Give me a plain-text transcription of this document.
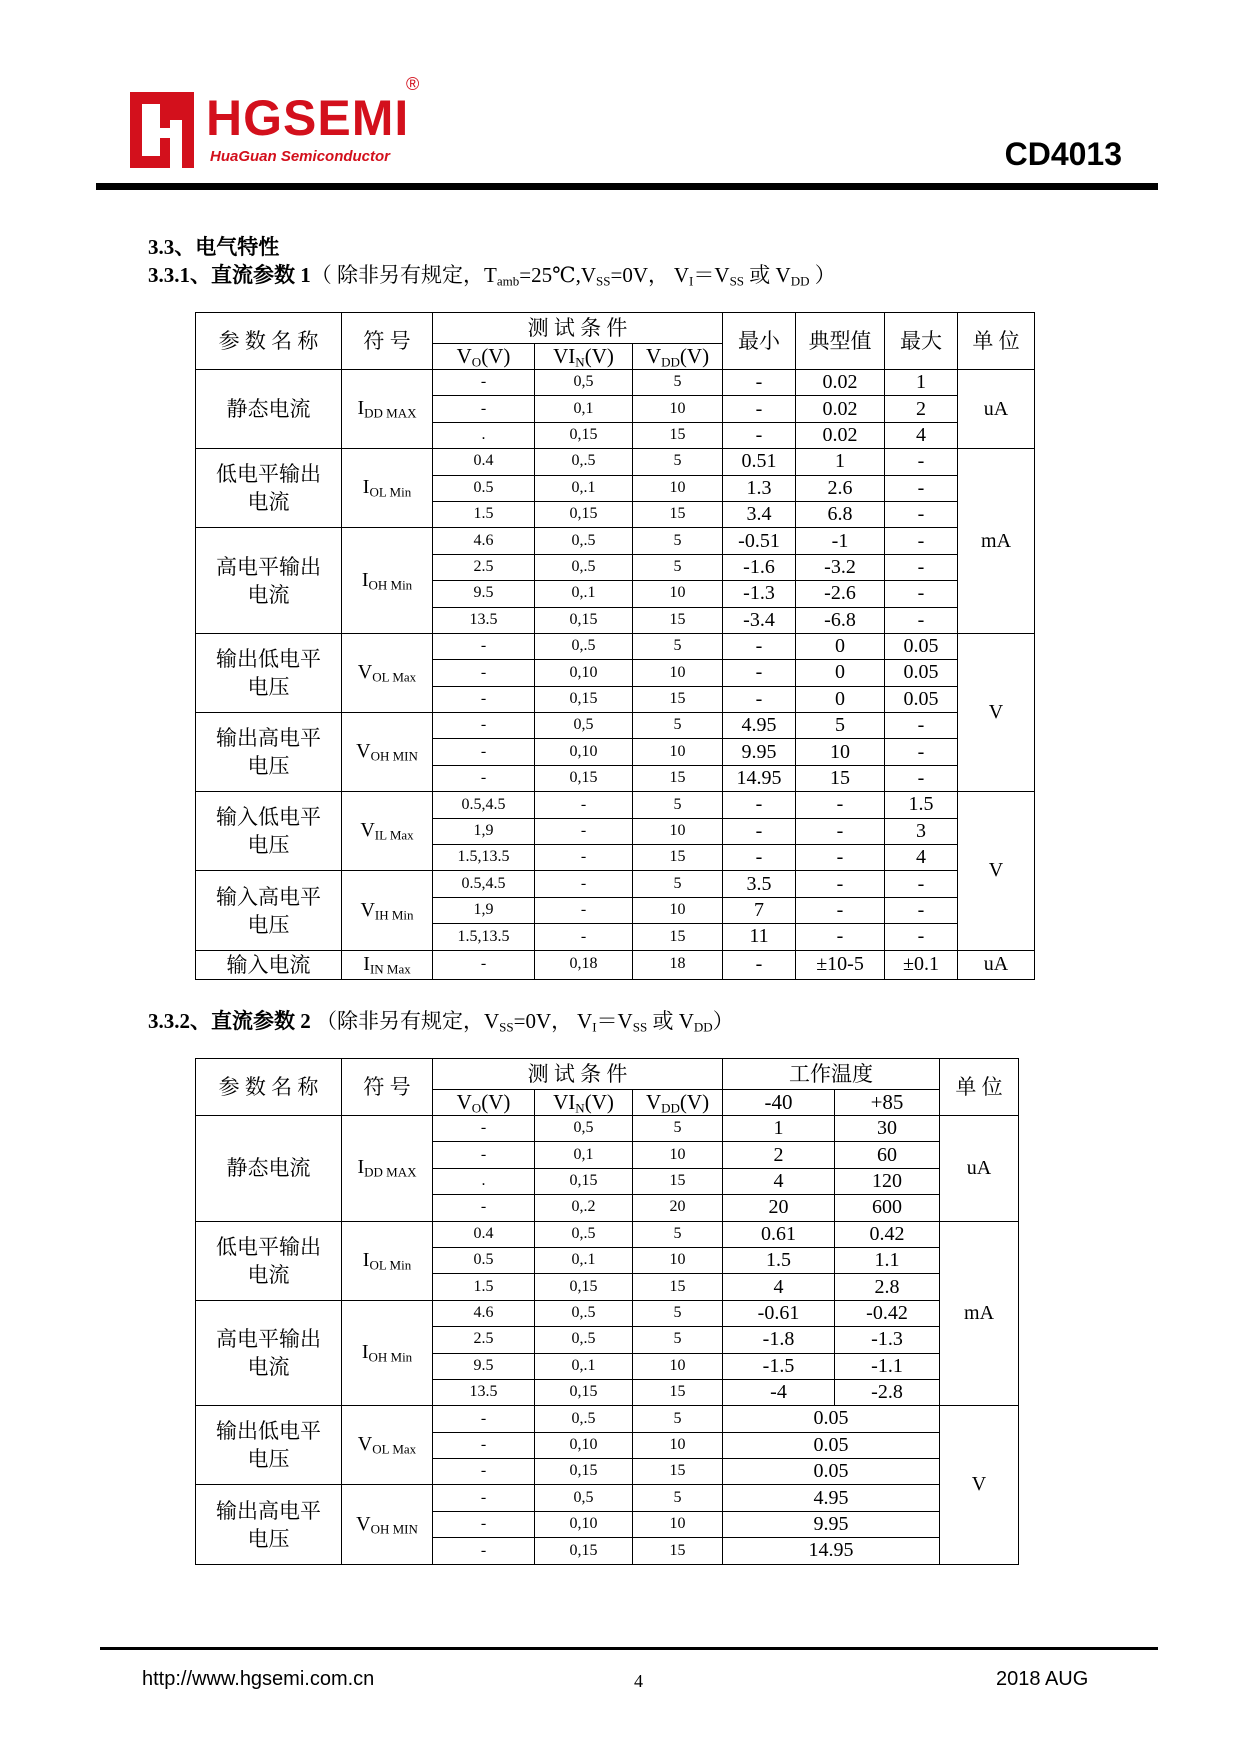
HGSEMI
®
HuaGuan Semiconductor	CD4013
3.3、电气特性
3.3.1、直流参数 1（ 除非另有规定，$T_{amb}=25℃,V_{SS}=0V$， $V_I=V_{SS}$ 或 $V_{DD}$ ）
参 数 名 称	符 号	测 试 条 件			最小	典型值	最大	单 位
		$V_O(V)$	$VI_N(V)$	$V_{DD}(V)$				
静态电流	$I_{DD MAX}$	-	0,5	5	-	0.02	1	uA
		-	0,1	10	-	0.02	2	
		.	0,15	15	-	0.02	4	
低电平输出
电流	$I_{OL Min}$	0.4	0,.5	5	0.51	1	-	mA
		0.5	0,.1	10	1.3	2.6	-	
		1.5	0,15	15	3.4	6.8	-	
高电平输出
电流	$I_{OH Min}$	4.6	0,.5	5	-0.51	-1	-	
		2.5	0,.5	5	-1.6	-3.2	-	
		9.5	0,.1	10	-1.3	-2.6	-	
		13.5	0,15	15	-3.4	-6.8	-	
输出低电平
电压	$V_{OL Max}$	-	0,.5	5	-	0	0.05	V
		-	0,10	10	-	0	0.05	
		-	0,15	15	-	0	0.05	
输出高电平
电压	$V_{OH MIN}$	-	0,5	5	4.95	5	-	
		-	0,10	10	9.95	10	-	
		-	0,15	15	14.95	15	-	
输入低电平
电压	$V_{IL Max}$	0.5,4.5	-	5	-	-	1.5	V
		1,9	-	10	-	-	3	
		1.5,13.5	-	15	-	-	4	
输入高电平
电压	$V_{IH Min}$	0.5,4.5	-	5	3.5	-	-	
		1,9	-	10	7	-	-	
		1.5,13.5	-	15	11	-	-	
输入电流	$I_{IN Max}$	-	0,18	18	-	±10-5	±0.1	uA
3.3.2、直流参数 2 （除非另有规定，$V_{SS}=0V$， $V_I=V_{SS}$ 或 $V_{DD}$）
参 数 名 称	符 号	测 试 条 件			工作温度		单 位
		$V_O(V)$	$VI_N(V)$	$V_{DD}(V)$	-40	+85	
静态电流	$I_{DD MAX}$	-	0,5	5	1	30	uA
		-	0,1	10	2	60	
		.	0,15	15	4	120	
		-	0,.2	20	20	600	
低电平输出
电流	$I_{OL Min}$	0.4	0,.5	5	0.61	0.42	mA
		0.5	0,.1	10	1.5	1.1	
		1.5	0,15	15	4	2.8	
高电平输出
电流	$I_{OH Min}$	4.6	0,.5	5	-0.61	-0.42	
		2.5	0,.5	5	-1.8	-1.3	
		9.5	0,.1	10	-1.5	-1.1	
		13.5	0,15	15	-4	-2.8	
输出低电平
电压	$V_{OL Max}$	-	0,.5	5	0.05		V
		-	0,10	10	0.05		
		-	0,15	15	0.05		
输出高电平
电压	$V_{OH MIN}$	-	0,5	5	4.95		
		-	0,10	10	9.95		
		-	0,15	15	14.95		
http://www.hgsemi.com.cn	4	2018 AUG
